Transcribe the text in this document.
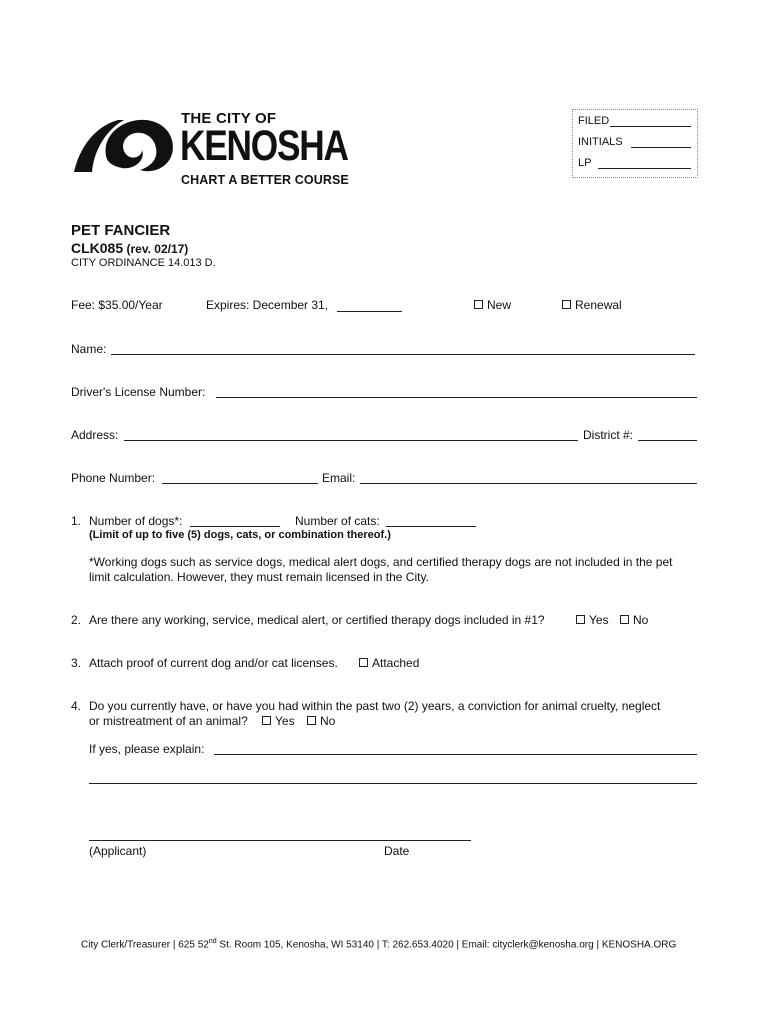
THE CITY OF
KENOSHA
CHART A BETTER COURSE
FILED
INITIALS
LP
PET FANCIER
CLK085 (rev. 02/17)
CITY ORDINANCE 14.013 D.
Fee: $35.00/Year	Expires: December 31,	New	Renewal
Name:
Driver's License Number:
Address:	District #:
Phone Number:	Email:
1. Number of dogs*:	Number of cats:
(Limit of up to five (5) dogs, cats, or combination thereof.)
*Working dogs such as service dogs, medical alert dogs, and certified therapy dogs are not included in the pet
limit calculation. However, they must remain licensed in the City.
2. Are there any working, service, medical alert, or certified therapy dogs included in #1?	Yes	No
3. Attach proof of current dog and/or cat licenses.	Attached
4. Do you currently have, or have you had within the past two (2) years, a conviction for animal cruelty, neglect
or mistreatment of an animal?	Yes	No
If yes, please explain:
(Applicant)	Date
City Clerk/Treasurer | 625 52nd St. Room 105, Kenosha, WI 53140 | T: 262.653.4020 | Email: cityclerk@kenosha.org | KENOSHA.ORG
